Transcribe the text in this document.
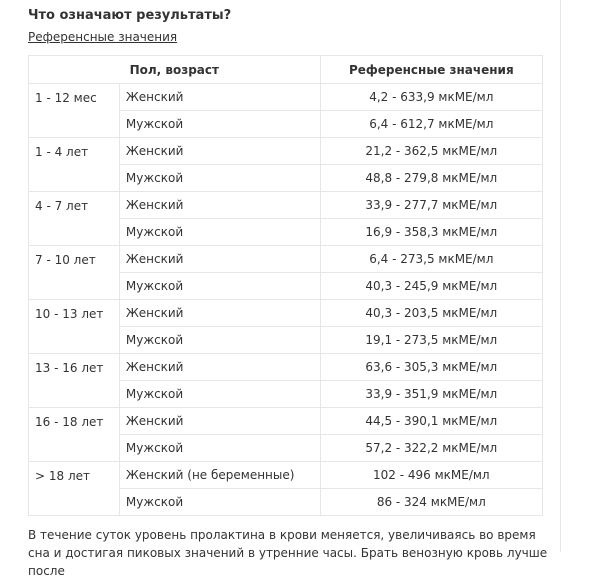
Что означают результаты?
Референсные значения
Пол, возраст		Референсные значения
1 - 12 мес	Женский	4,2 - 633,9 мкМЕ/мл
	Мужской	6,4 - 612,7 мкМЕ/мл
1 - 4 лет	Женский	21,2 - 362,5 мкМЕ/мл
	Мужской	48,8 - 279,8 мкМЕ/мл
4 - 7 лет	Женский	33,9 - 277,7 мкМЕ/мл
	Мужской	16,9 - 358,3 мкМЕ/мл
7 - 10 лет	Женский	6,4 - 273,5 мкМЕ/мл
	Мужской	40,3 - 245,9 мкМЕ/мл
10 - 13 лет	Женский	40,3 - 203,5 мкМЕ/мл
	Мужской	19,1 - 273,5 мкМЕ/мл
13 - 16 лет	Женский	63,6 - 305,3 мкМЕ/мл
	Мужской	33,9 - 351,9 мкМЕ/мл
16 - 18 лет	Женский	44,5 - 390,1 мкМЕ/мл
	Мужской	57,2 - 322,2 мкМЕ/мл
> 18 лет	Женский (не беременные)	102 - 496 мкМЕ/мл
	Мужской	86 - 324 мкМЕ/мл
В течение суток уровень пролактина в крови меняется, увеличиваясь во время сна и достигая пиковых значений в утренние часы. Брать венозную кровь лучше после
